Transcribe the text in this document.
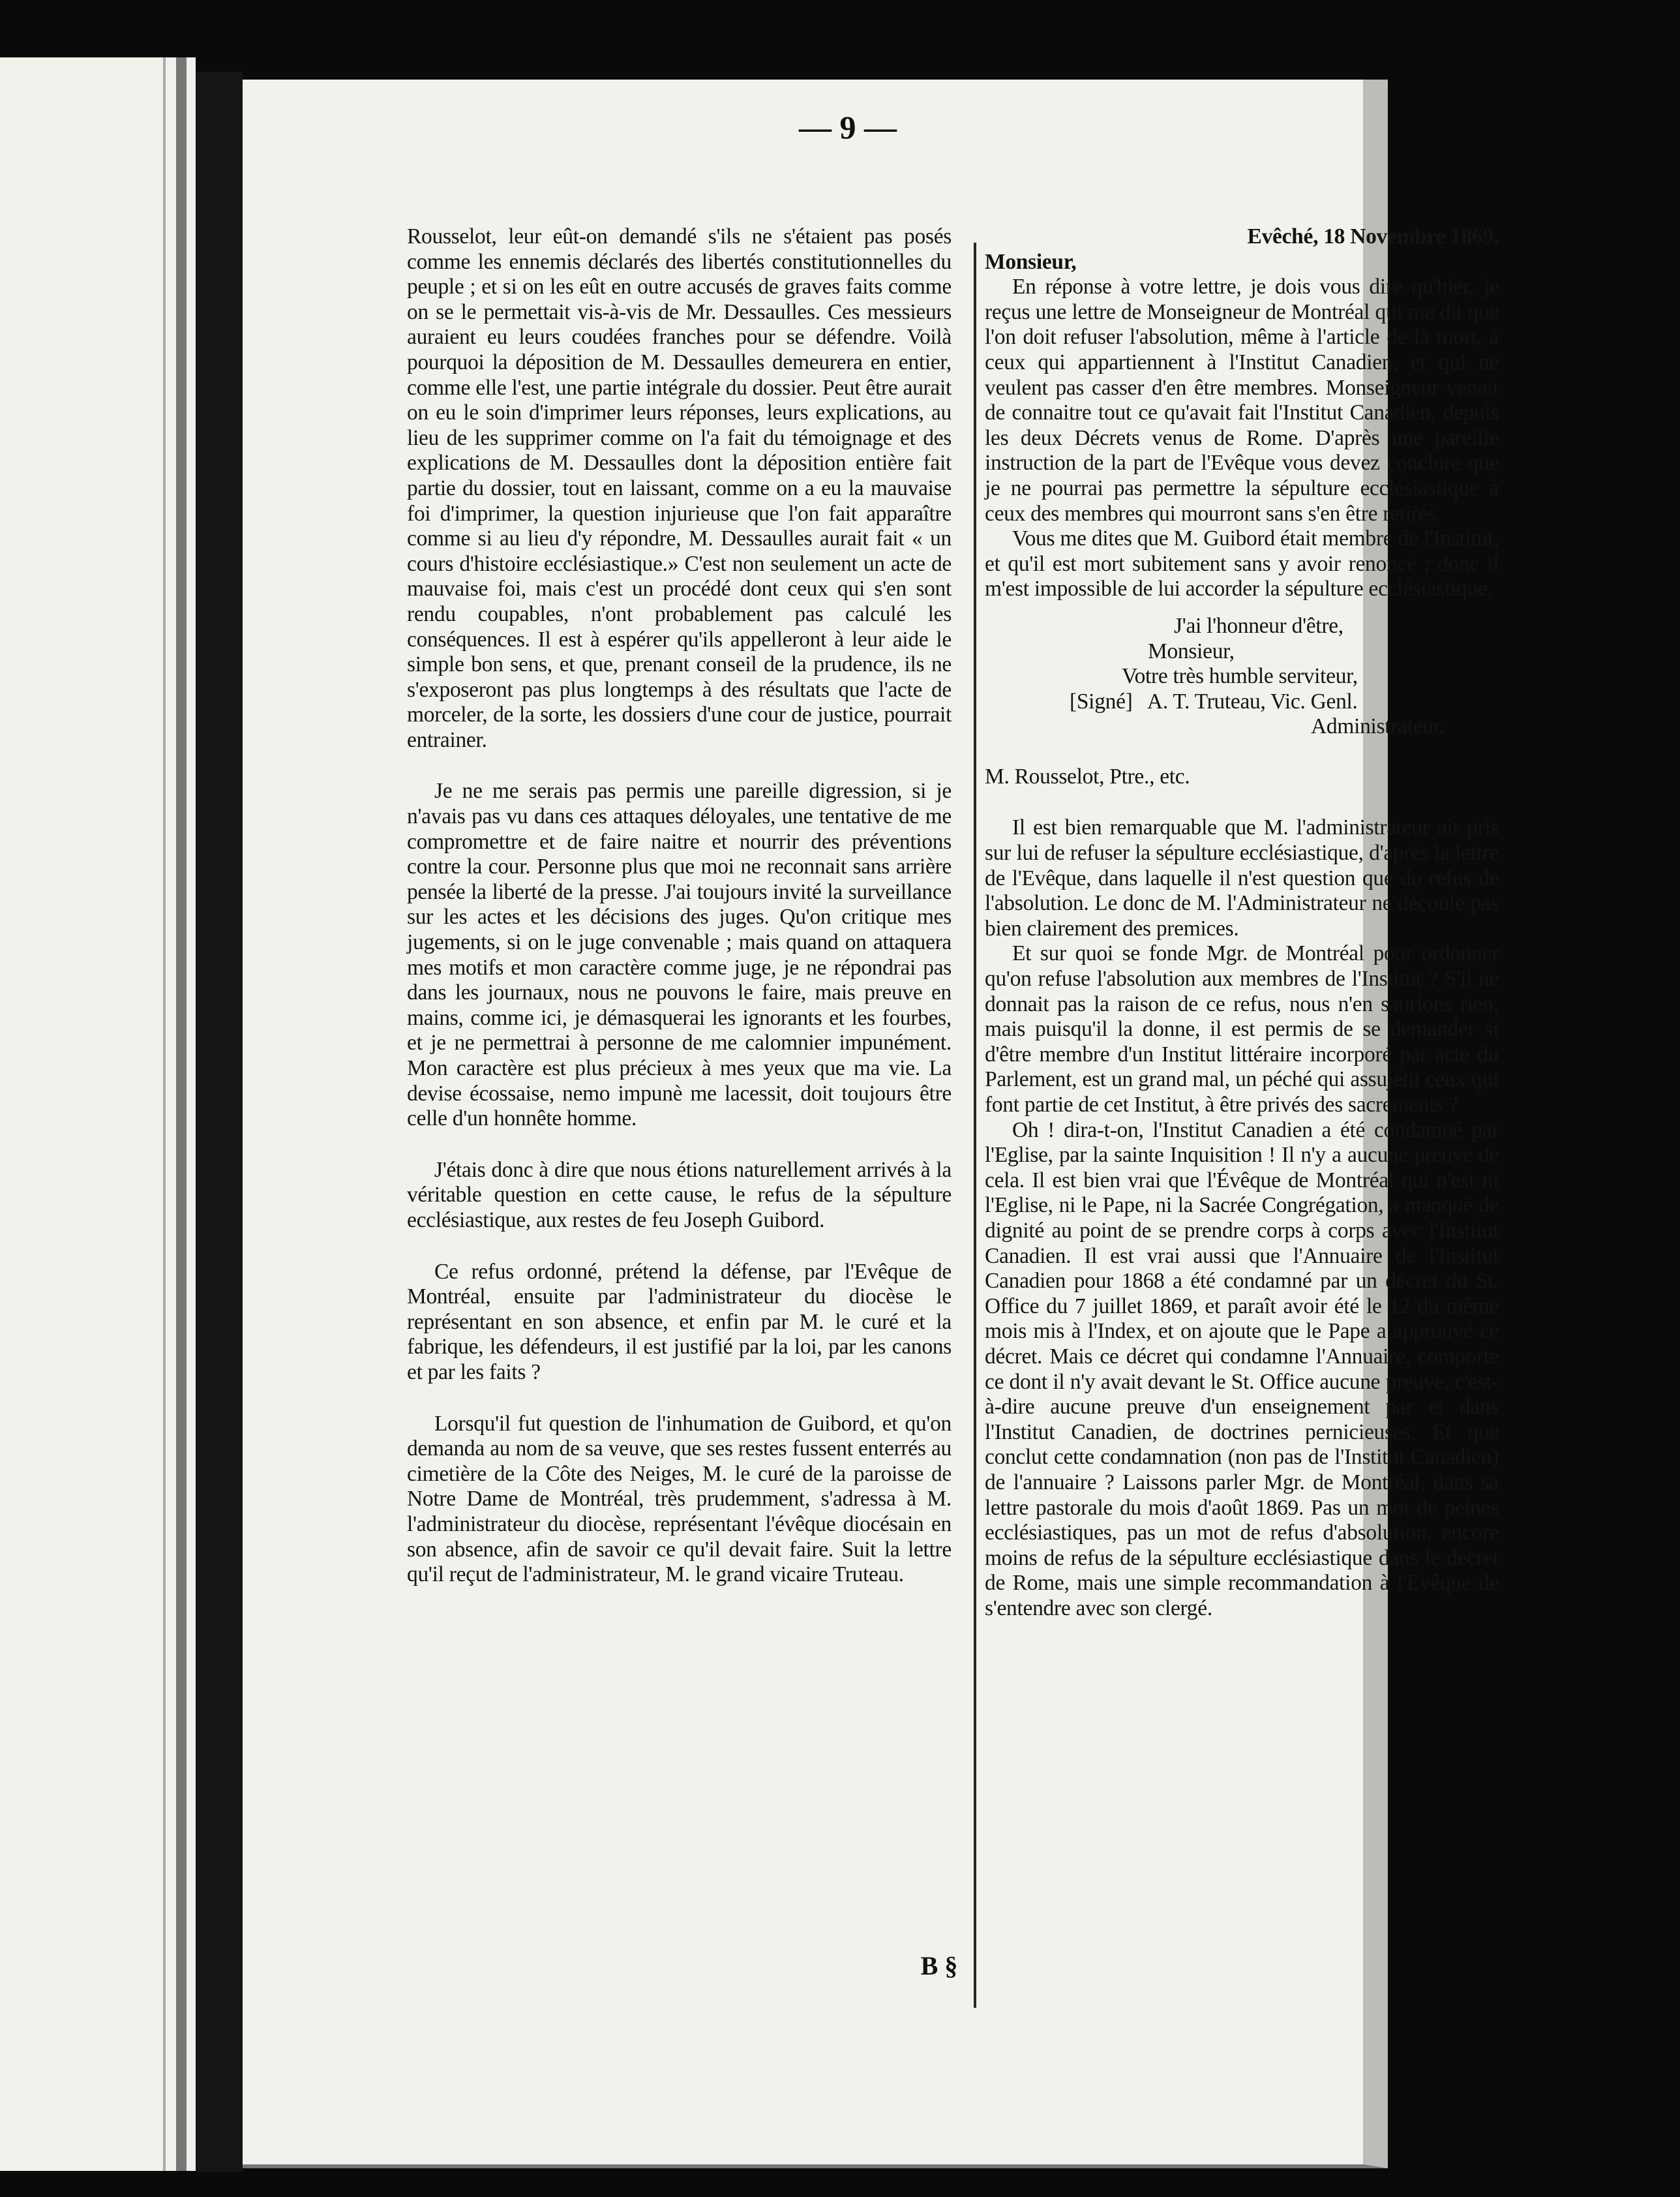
— 9 —

Rousselot, leur eût-on demandé s'ils ne s'étaient pas posés comme les ennemis déclarés des libertés constitutionnelles du peuple ; et si on les eût en outre accusés de graves faits comme on se le permettait vis-à-vis de Mr. Dessaulles. Ces messieurs auraient eu leurs coudées franches pour se défendre. Voilà pourquoi la déposition de M. Dessaulles demeurera en entier, comme elle l'est, une partie intégrale du dossier. Peut être aurait on eu le soin d'imprimer leurs réponses, leurs explications, au lieu de les supprimer comme on l'a fait du témoignage et des explications de M. Dessaulles dont la déposition entière fait partie du dossier, tout en laissant, comme on a eu la mauvaise foi d'imprimer, la question injurieuse que l'on fait apparaître comme si au lieu d'y répondre, M. Dessaulles aurait fait « un cours d'histoire ecclésiastique.» C'est non seulement un acte de mauvaise foi, mais c'est un procédé dont ceux qui s'en sont rendu coupables, n'ont probablement pas calculé les conséquences. Il est à espérer qu'ils appelleront à leur aide le simple bon sens, et que, prenant conseil de la prudence, ils ne s'exposeront pas plus longtemps à des résultats que l'acte de morceler, de la sorte, les dossiers d'une cour de justice, pourrait entrainer.

Je ne me serais pas permis une pareille digression, si je n'avais pas vu dans ces attaques déloyales, une tentative de me compromettre et de faire naitre et nourrir des préventions contre la cour. Personne plus que moi ne reconnait sans arrière pensée la liberté de la presse. J'ai toujours invité la surveillance sur les actes et les décisions des juges. Qu'on critique mes jugements, si on le juge convenable ; mais quand on attaquera mes motifs et mon caractère comme juge, je ne répondrai pas dans les journaux, nous ne pouvons le faire, mais preuve en mains, comme ici, je démasquerai les ignorants et les fourbes, et je ne permettrai à personne de me calomnier impunément. Mon caractère est plus précieux à mes yeux que ma vie. La devise écossaise, nemo impunè me lacessit, doit toujours être celle d'un honnête homme.

J'étais donc à dire que nous étions naturellement arrivés à la véritable question en cette cause, le refus de la sépulture ecclésiastique, aux restes de feu Joseph Guibord.

Ce refus ordonné, prétend la défense, par l'Evêque de Montréal, ensuite par l'administrateur du diocèse le représentant en son absence, et enfin par M. le curé et la fabrique, les défendeurs, il est justifié par la loi, par les canons et par les faits ?

Lorsqu'il fut question de l'inhumation de Guibord, et qu'on demanda au nom de sa veuve, que ses restes fussent enterrés au cimetière de la Côte des Neiges, M. le curé de la paroisse de Notre Dame de Montréal, très prudemment, s'adressa à M. l'administrateur du diocèse, représentant l'évêque diocésain en son absence, afin de savoir ce qu'il devait faire. Suit la lettre qu'il reçut de l'administrateur, M. le grand vicaire Truteau.

Evêché, 18 Novembre 1869.
Monsieur,

En réponse à votre lettre, je dois vous dire qu'hier, je reçus une lettre de Monseigneur de Montréal qui me dit que l'on doit refuser l'absolution, même à l'article de la mort, à ceux qui appartiennent à l'Institut Canadien, et qui ne veulent pas casser d'en être membres. Monseigneur venait de connaitre tout ce qu'avait fait l'Institut Canadien, depuis les deux Décrets venus de Rome. D'après une pareille instruction de la part de l'Evêque vous devez conclure que je ne pourrai pas permettre la sépulture ecclésiastique à ceux des membres qui mourront sans s'en être retirés

Vous me dites que M. Guibord était membre de l'Institut, et qu'il est mort subitement sans y avoir renoncé ; donc il m'est impossible de lui accorder la sépulture ecclésiastique.

J'ai l'honneur d'être,
Monsieur,
Votre très humble serviteur,
[Signé] A. T. Truteau, Vic. Genl.
Administrateur.
M. Rousselot, Ptre., etc.

Il est bien remarquable que M. l'administrateur ait pris sur lui de refuser la sépulture ecclésiastique, d'après la lettre de l'Evêque, dans laquelle il n'est question que du refus de l'absolution. Le donc de M. l'Administrateur ne découle pas bien clairement des premices.

Et sur quoi se fonde Mgr. de Montréal pour ordonner qu'on refuse l'absolution aux membres de l'Institut ? S'il ne donnait pas la raison de ce refus, nous n'en saurions rien, mais puisqu'il la donne, il est permis de se demander si d'être membre d'un Institut littéraire incorporé par acte du Parlement, est un grand mal, un péché qui assujétit ceux qui font partie de cet Institut, à être privés des sacrements ?

Oh ! dira-t-on, l'Institut Canadien a été condamné par l'Eglise, par la sainte Inquisition ! Il n'y a aucune preuve de cela. Il est bien vrai que l'Évêque de Montréal qui n'est ni l'Eglise, ni le Pape, ni la Sacrée Congrégation, a manqué de dignité au point de se prendre corps à corps avec l'Institut Canadien. Il est vrai aussi que l'Annuaire de l'Institut Canadien pour 1868 a été condamné par un décret du St. Office du 7 juillet 1869, et paraît avoir été le 12 du même mois mis à l'Index, et on ajoute que le Pape a approuvé ce décret. Mais ce décret qui condamne l'Annuaire, comporte ce dont il n'y avait devant le St. Office aucune preuve, c'est-à-dire aucune preuve d'un enseignement par et dans l'Institut Canadien, de doctrines pernicieuses. Et que conclut cette condamnation (non pas de l'Institut Canadien) de l'annuaire ? Laissons parler Mgr. de Montréal, dans sa lettre pastorale du mois d'août 1869. Pas un mot de peines ecclésiastiques, pas un mot de refus d'absolution, encore moins de refus de la sépulture ecclésiastique dans le décret de Rome, mais une simple recommandation à l'Evêque de s'entendre avec son clergé.

B §
